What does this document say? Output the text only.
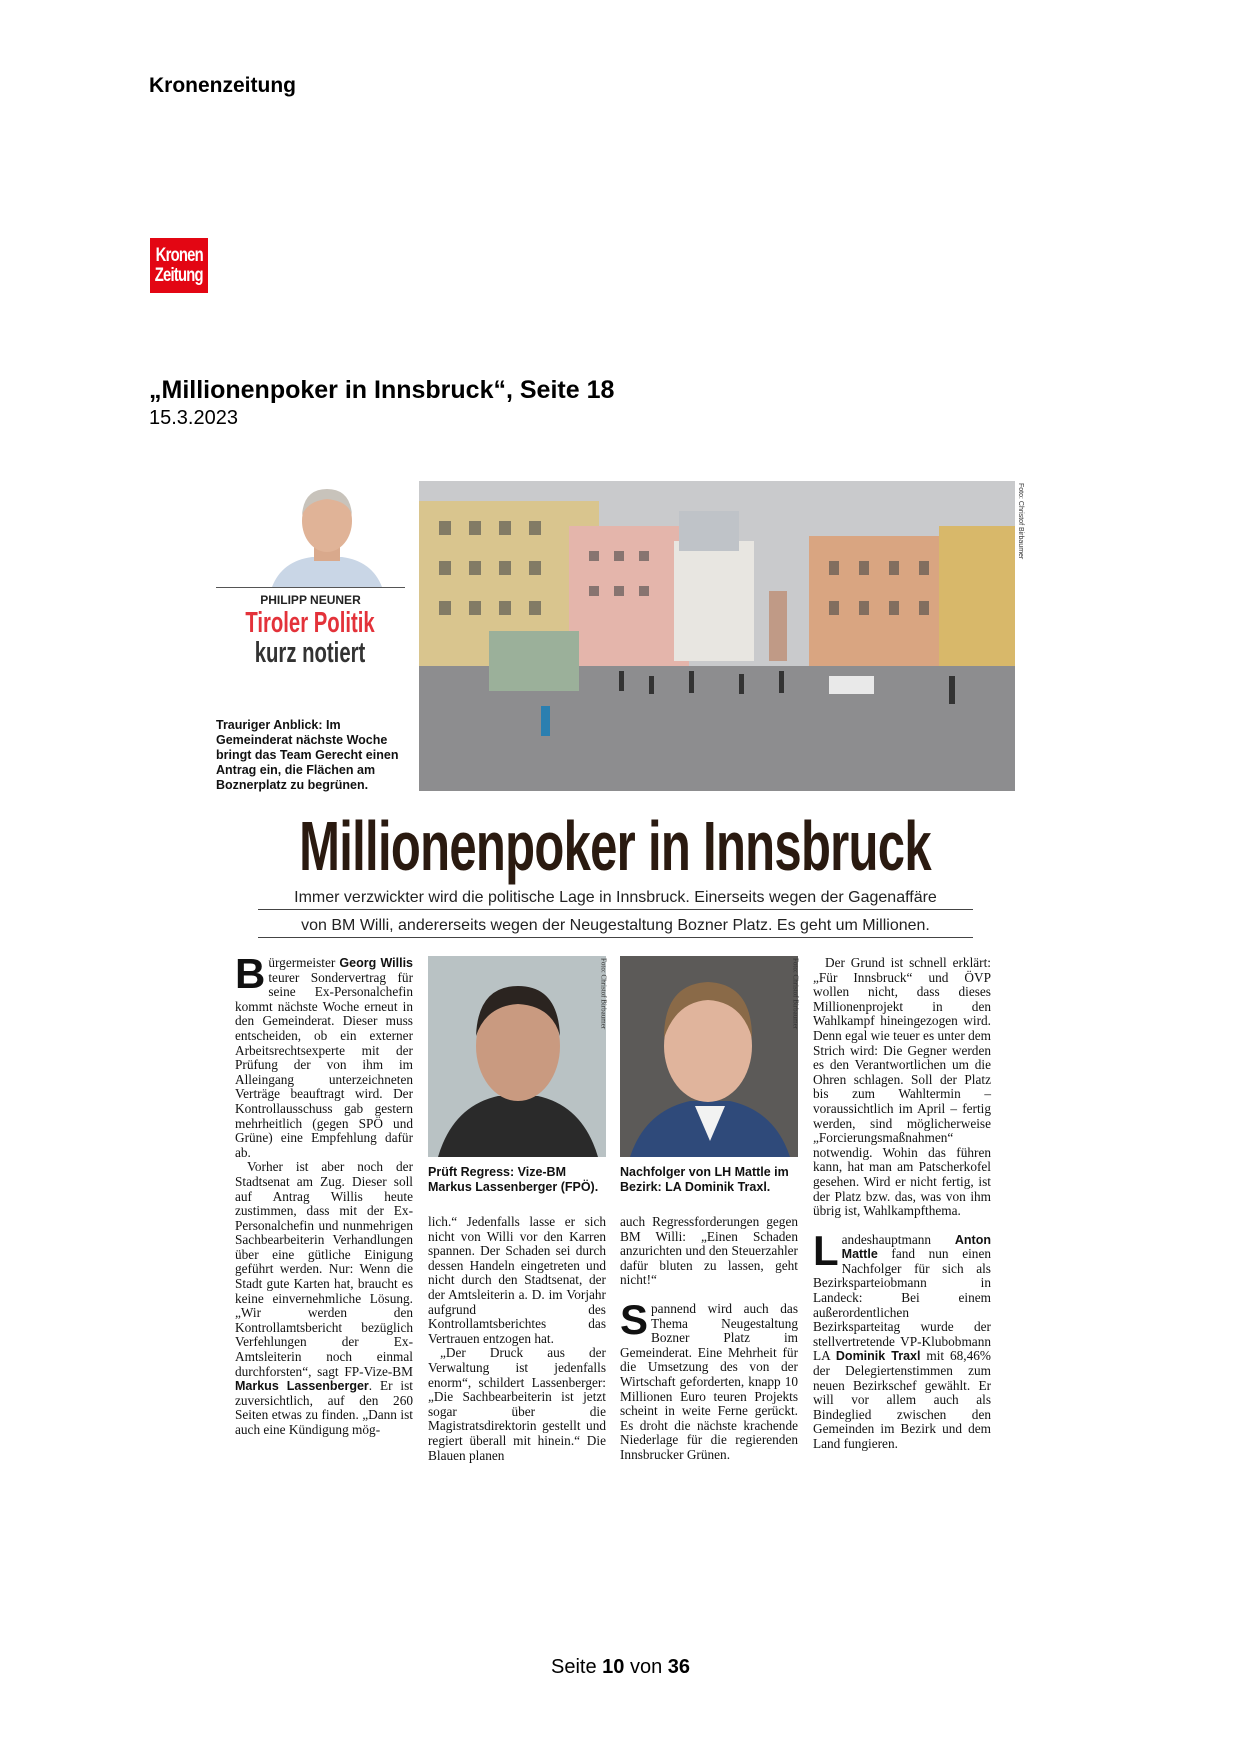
Kronenzeitung
Kronen
Zeitung
„Millionenpoker in Innsbruck“, Seite 18
15.3.2023
PHILIPP NEUNER
Tiroler Politik
kurz notiert
Trauriger Anblick: Im Gemeinderat nächste Woche bringt das Team Gerecht einen Antrag ein, die Flächen am Boznerplatz zu begrünen.
Foto: Christof Birbaumer
Millionenpoker in Innsbruck
Immer verzwickter wird die politische Lage in Innsbruck. Einerseits wegen der Gagenaffäre
von BM Willi, andererseits wegen der Neugestaltung Bozner Platz. Es geht um Millionen.

Bürgermeister Georg Willis teurer Sondervertrag für seine Ex-Personalchefin kommt nächste Woche erneut in den Gemeinderat. Dieser muss entscheiden, ob ein externer Arbeitsrechtsexperte mit der Prüfung der von ihm im Alleingang unterzeichneten Verträge beauftragt wird. Der Kontrollausschuss gab gestern mehrheitlich (gegen SPÖ und Grüne) eine Empfehlung dafür ab.

Vorher ist aber noch der Stadtsenat am Zug. Dieser soll auf Antrag Willis heute zustimmen, dass mit der Ex-Personalchefin und nunmehrigen Sachbearbeiterin Verhandlungen über eine gütliche Einigung geführt werden. Nur: Wenn die Stadt gute Karten hat, braucht es keine einvernehmliche Lösung. „Wir werden den Kontrollamtsbericht bezüglich Verfehlungen der Ex-Amtsleiterin noch einmal durchforsten“, sagt FP-Vize-BM Markus Lassenberger. Er ist zuversichtlich, auf den 260 Seiten etwas zu finden. „Dann ist auch eine Kündigung mög-

Foto: Christof Birbaumer
Prüft Regress: Vize-BM Markus Lassenberger (FPÖ).

lich.“ Jedenfalls lasse er sich nicht von Willi vor den Karren spannen. Der Schaden sei durch dessen Handeln eingetreten und nicht durch den Stadtsenat, der der Amtsleiterin a. D. im Vorjahr aufgrund des Kontrollamtsberichtes das Vertrauen entzogen hat.

„Der Druck aus der Verwaltung ist jedenfalls enorm“, schildert Lassenberger: „Die Sachbearbeiterin ist jetzt sogar über die Magistratsdirektorin gestellt und regiert überall mit hinein.“ Die Blauen planen

Foto: Christof Birbaumer
Nachfolger von LH Mattle im Bezirk: LA Dominik Traxl.

auch Regressforderungen gegen BM Willi: „Einen Schaden anzurichten und den Steuerzahler dafür bluten zu lassen, geht nicht!“

Spannend wird auch das Thema Neugestaltung Bozner Platz im Gemeinderat. Eine Mehrheit für die Umsetzung des von der Wirtschaft geforderten, knapp 10 Millionen Euro teuren Projekts scheint in weite Ferne gerückt. Es droht die nächste krachende Niederlage für die regierenden Innsbrucker Grünen.

Der Grund ist schnell erklärt: „Für Innsbruck“ und ÖVP wollen nicht, dass dieses Millionenprojekt in den Wahlkampf hineingezogen wird. Denn egal wie teuer es unter dem Strich wird: Die Gegner werden es den Verantwortlichen um die Ohren schlagen. Soll der Platz bis zum Wahltermin – voraussichtlich im April – fertig werden, sind möglicherweise „Forcierungsmaßnahmen“ notwendig. Wohin das führen kann, hat man am Patscherkofel gesehen. Wird er nicht fertig, ist der Platz bzw. das, was von ihm übrig ist, Wahlkampfthema.

Landeshauptmann Anton Mattle fand nun einen Nachfolger für sich als Bezirksparteiobmann in Landeck: Bei einem außerordentlichen Bezirksparteitag wurde der stellvertretende VP-Klubobmann LA Dominik Traxl mit 68,46% der Delegiertenstimmen zum neuen Bezirkschef gewählt. Er will vor allem auch als Bindeglied zwischen den Gemeinden im Bezirk und dem Land fungieren.

Seite 10 von 36
